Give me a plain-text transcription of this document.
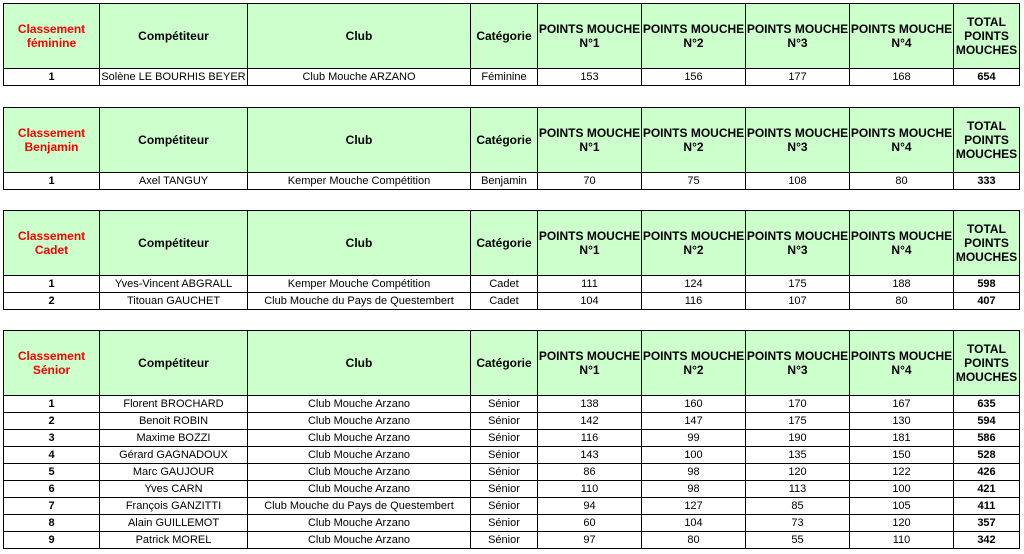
Classement féminine	Compétiteur	Club	Catégorie	POINTS MOUCHE N°1	POINTS MOUCHE N°2	POINTS MOUCHE N°3	POINTS MOUCHE N°4	TOTAL POINTS MOUCHES
1	Solène LE BOURHIS BEYER	Club Mouche ARZANO	Féminine	153	156	177	168	654
Classement Benjamin	Compétiteur	Club	Catégorie	POINTS MOUCHE N°1	POINTS MOUCHE N°2	POINTS MOUCHE N°3	POINTS MOUCHE N°4	TOTAL POINTS MOUCHES
1	Axel TANGUY	Kemper Mouche Compétition	Benjamin	70	75	108	80	333
Classement Cadet	Compétiteur	Club	Catégorie	POINTS MOUCHE N°1	POINTS MOUCHE N°2	POINTS MOUCHE N°3	POINTS MOUCHE N°4	TOTAL POINTS MOUCHES
1	Yves-Vincent ABGRALL	Kemper Mouche Compétition	Cadet	111	124	175	188	598
2	Titouan GAUCHET	Club Mouche du Pays de Questembert	Cadet	104	116	107	80	407
Classement Sénior	Compétiteur	Club	Catégorie	POINTS MOUCHE N°1	POINTS MOUCHE N°2	POINTS MOUCHE N°3	POINTS MOUCHE N°4	TOTAL POINTS MOUCHES
1	Florent BROCHARD	Club Mouche Arzano	Sénior	138	160	170	167	635
2	Benoit ROBIN	Club Mouche Arzano	Sénior	142	147	175	130	594
3	Maxime BOZZI	Club Mouche Arzano	Sénior	116	99	190	181	586
4	Gérard GAGNADOUX	Club Mouche Arzano	Sénior	143	100	135	150	528
5	Marc GAUJOUR	Club Mouche Arzano	Sénior	86	98	120	122	426
6	Yves CARN	Club Mouche Arzano	Sénior	110	98	113	100	421
7	François GANZITTI	Club Mouche du Pays de Questembert	Sénior	94	127	85	105	411
8	Alain GUILLEMOT	Club Mouche Arzano	Sénior	60	104	73	120	357
9	Patrick MOREL	Club Mouche Arzano	Sénior	97	80	55	110	342
